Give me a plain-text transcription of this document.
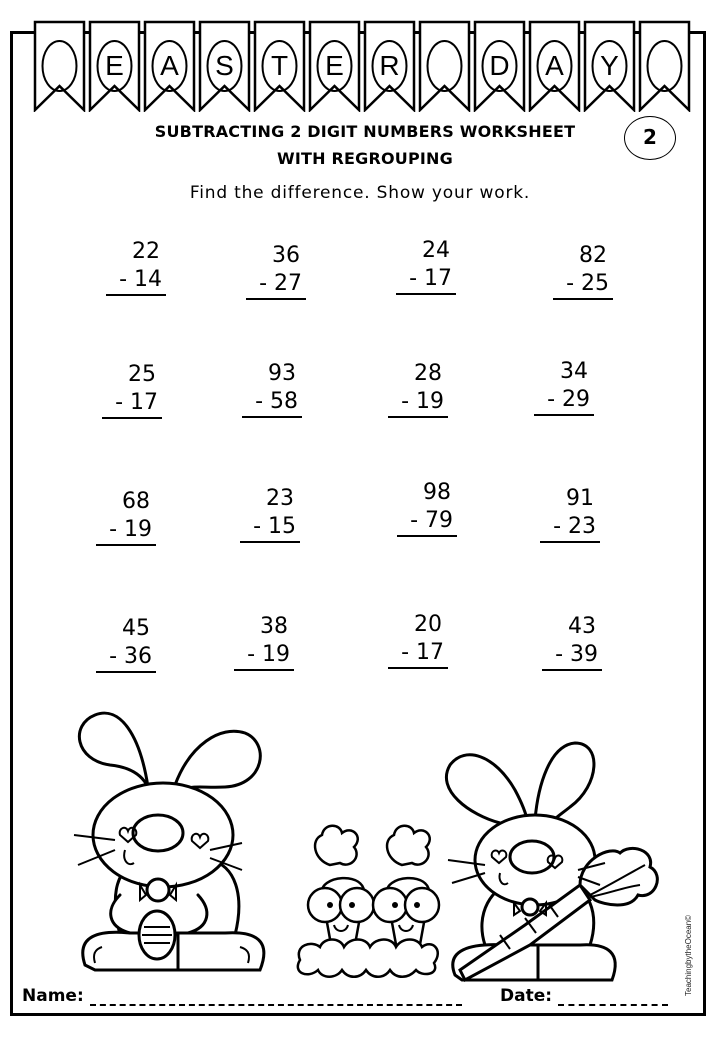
E	A	S	T	E	R	D	A	Y
SUBTRACTING 2 DIGIT NUMBERS WORKSHEET
WITH REGROUPING
2
Find the difference. Show your work.
22
- 14
36
- 27
24
- 17
82
- 25
25
- 17
93
- 58
28
- 19
34
- 29
68
- 19
23
- 15
98
- 79
91
- 23
45
- 36
38
- 19
20
- 17
43
- 39
Name:	Date:	TeachingbytheOcean©
